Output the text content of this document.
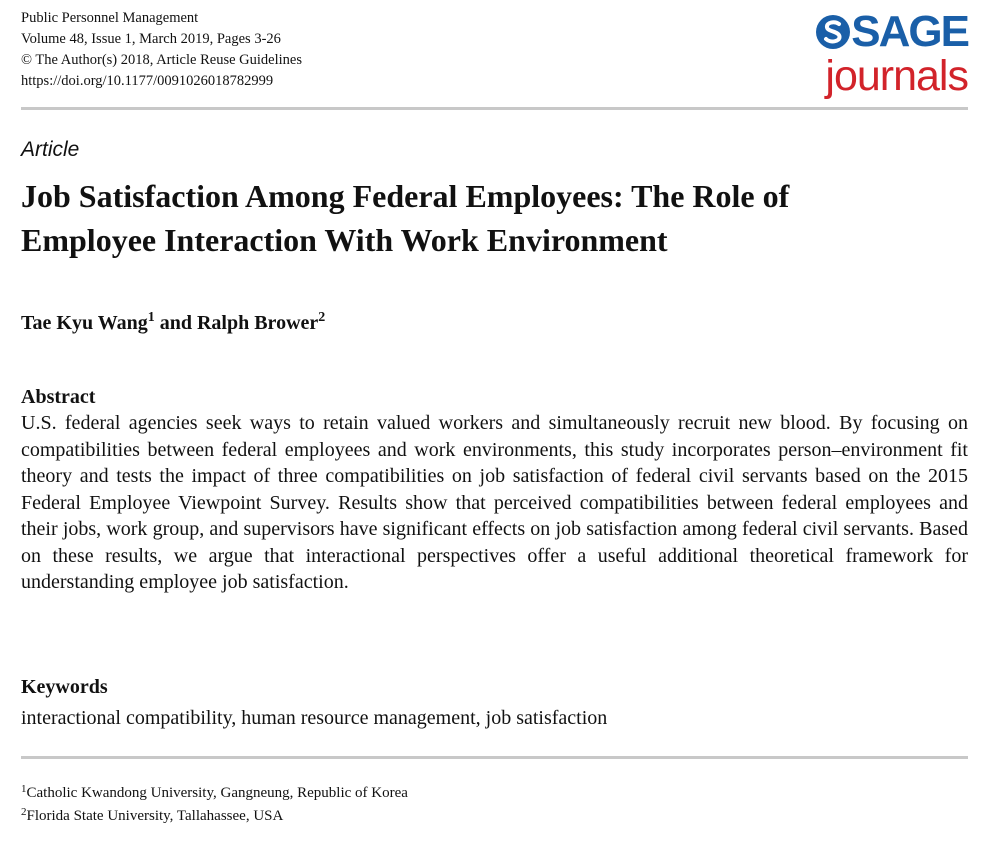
Public Personnel Management
Volume 48, Issue 1, March 2019, Pages 3-26
© The Author(s) 2018, Article Reuse Guidelines
https://doi.org/10.1177/0091026018782999
SAGE
journals
Article
Job Satisfaction Among Federal Employees: The Role of Employee Interaction With Work Environment
Tae Kyu Wang$^1$ and Ralph Brower$^2$
Abstract

U.S. federal agencies seek ways to retain valued workers and simultaneously recruit new blood. By focusing on compatibilities between federal employees and work environments, this study incorporates person–environment fit theory and tests the impact of three compatibilities on job satisfaction of federal civil servants based on the 2015 Federal Employee Viewpoint Survey. Results show that perceived compatibilities between federal employees and their jobs, work group, and supervisors have significant effects on job satisfaction among federal civil servants. Based on these results, we argue that interactional perspectives offer a useful additional theoretical framework for understanding employee job satisfaction.

Keywords
interactional compatibility, human resource management, job satisfaction
$^1$Catholic Kwandong University, Gangneung, Republic of Korea
$^2$Florida State University, Tallahassee, USA
